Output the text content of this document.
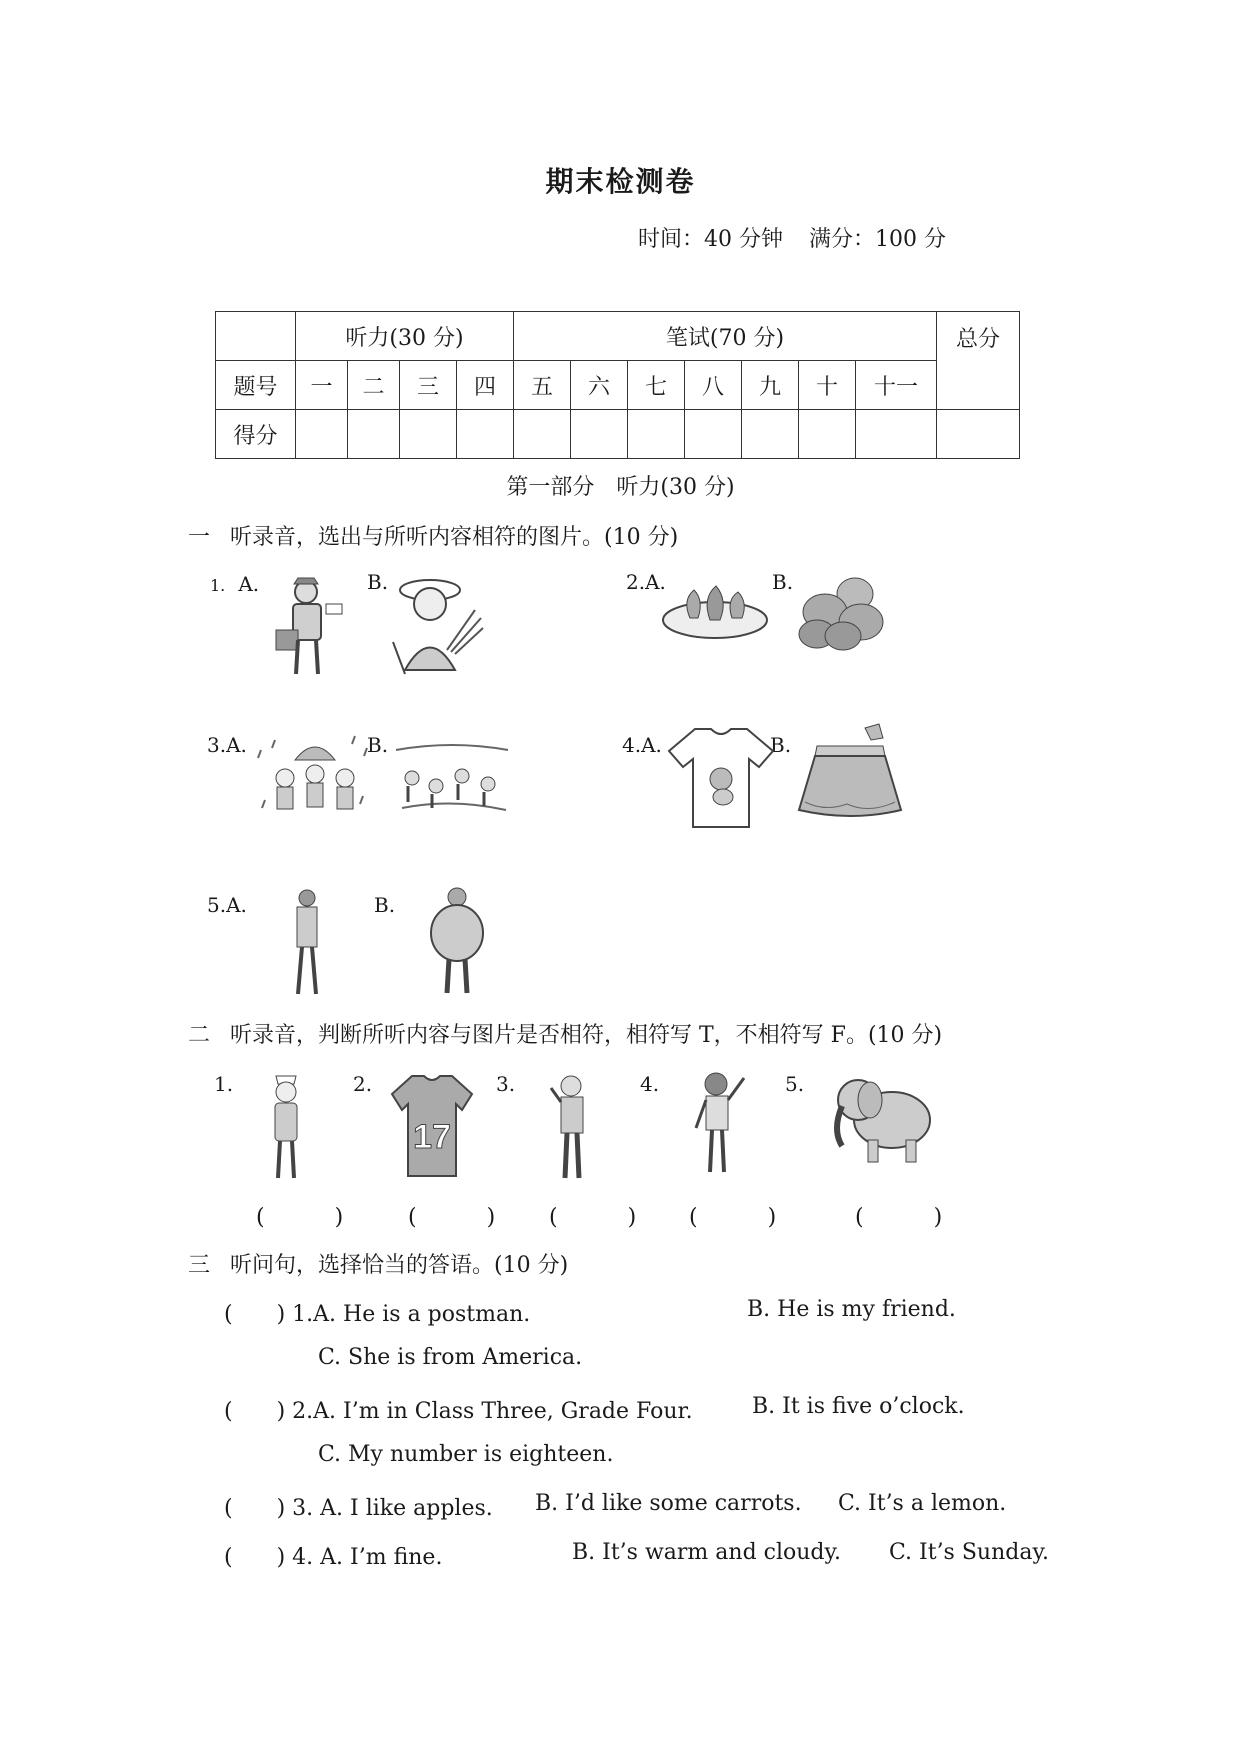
期末检测卷
时间：40 分钟 满分：100 分
	听力(30 分)				笔试(70 分)							总分
题号	一	二	三	四	五	六	七	八	九	十	十一	
得分												
第一部分　听力(30 分)
一 听录音，选出与所听内容相符的图片。(10 分)
1. A.	B.	2.A.	B.
3.A.	B.	4.A.	B.
5.A.	B.
二 听录音，判断所听内容与图片是否相符，相符写 T，不相符写 F。(10 分)
1.	2.	3.	4.	5.
17
(　) (　) (　) (　) (　)
三 听问句，选择恰当的答语。(10 分)
(　　) 1.A. He is a postman.	B. He is my friend.
C. She is from America.
(　　) 2.A. I’m in Class Three, Grade Four.	B. It is five o’clock.
C. My number is eighteen.
(　　) 3. A. I like apples. B. I’d like some carrots. C. It’s a lemon.
(　　) 4. A. I’m fine.	B. It’s warm and cloudy. C. It’s Sunday.
